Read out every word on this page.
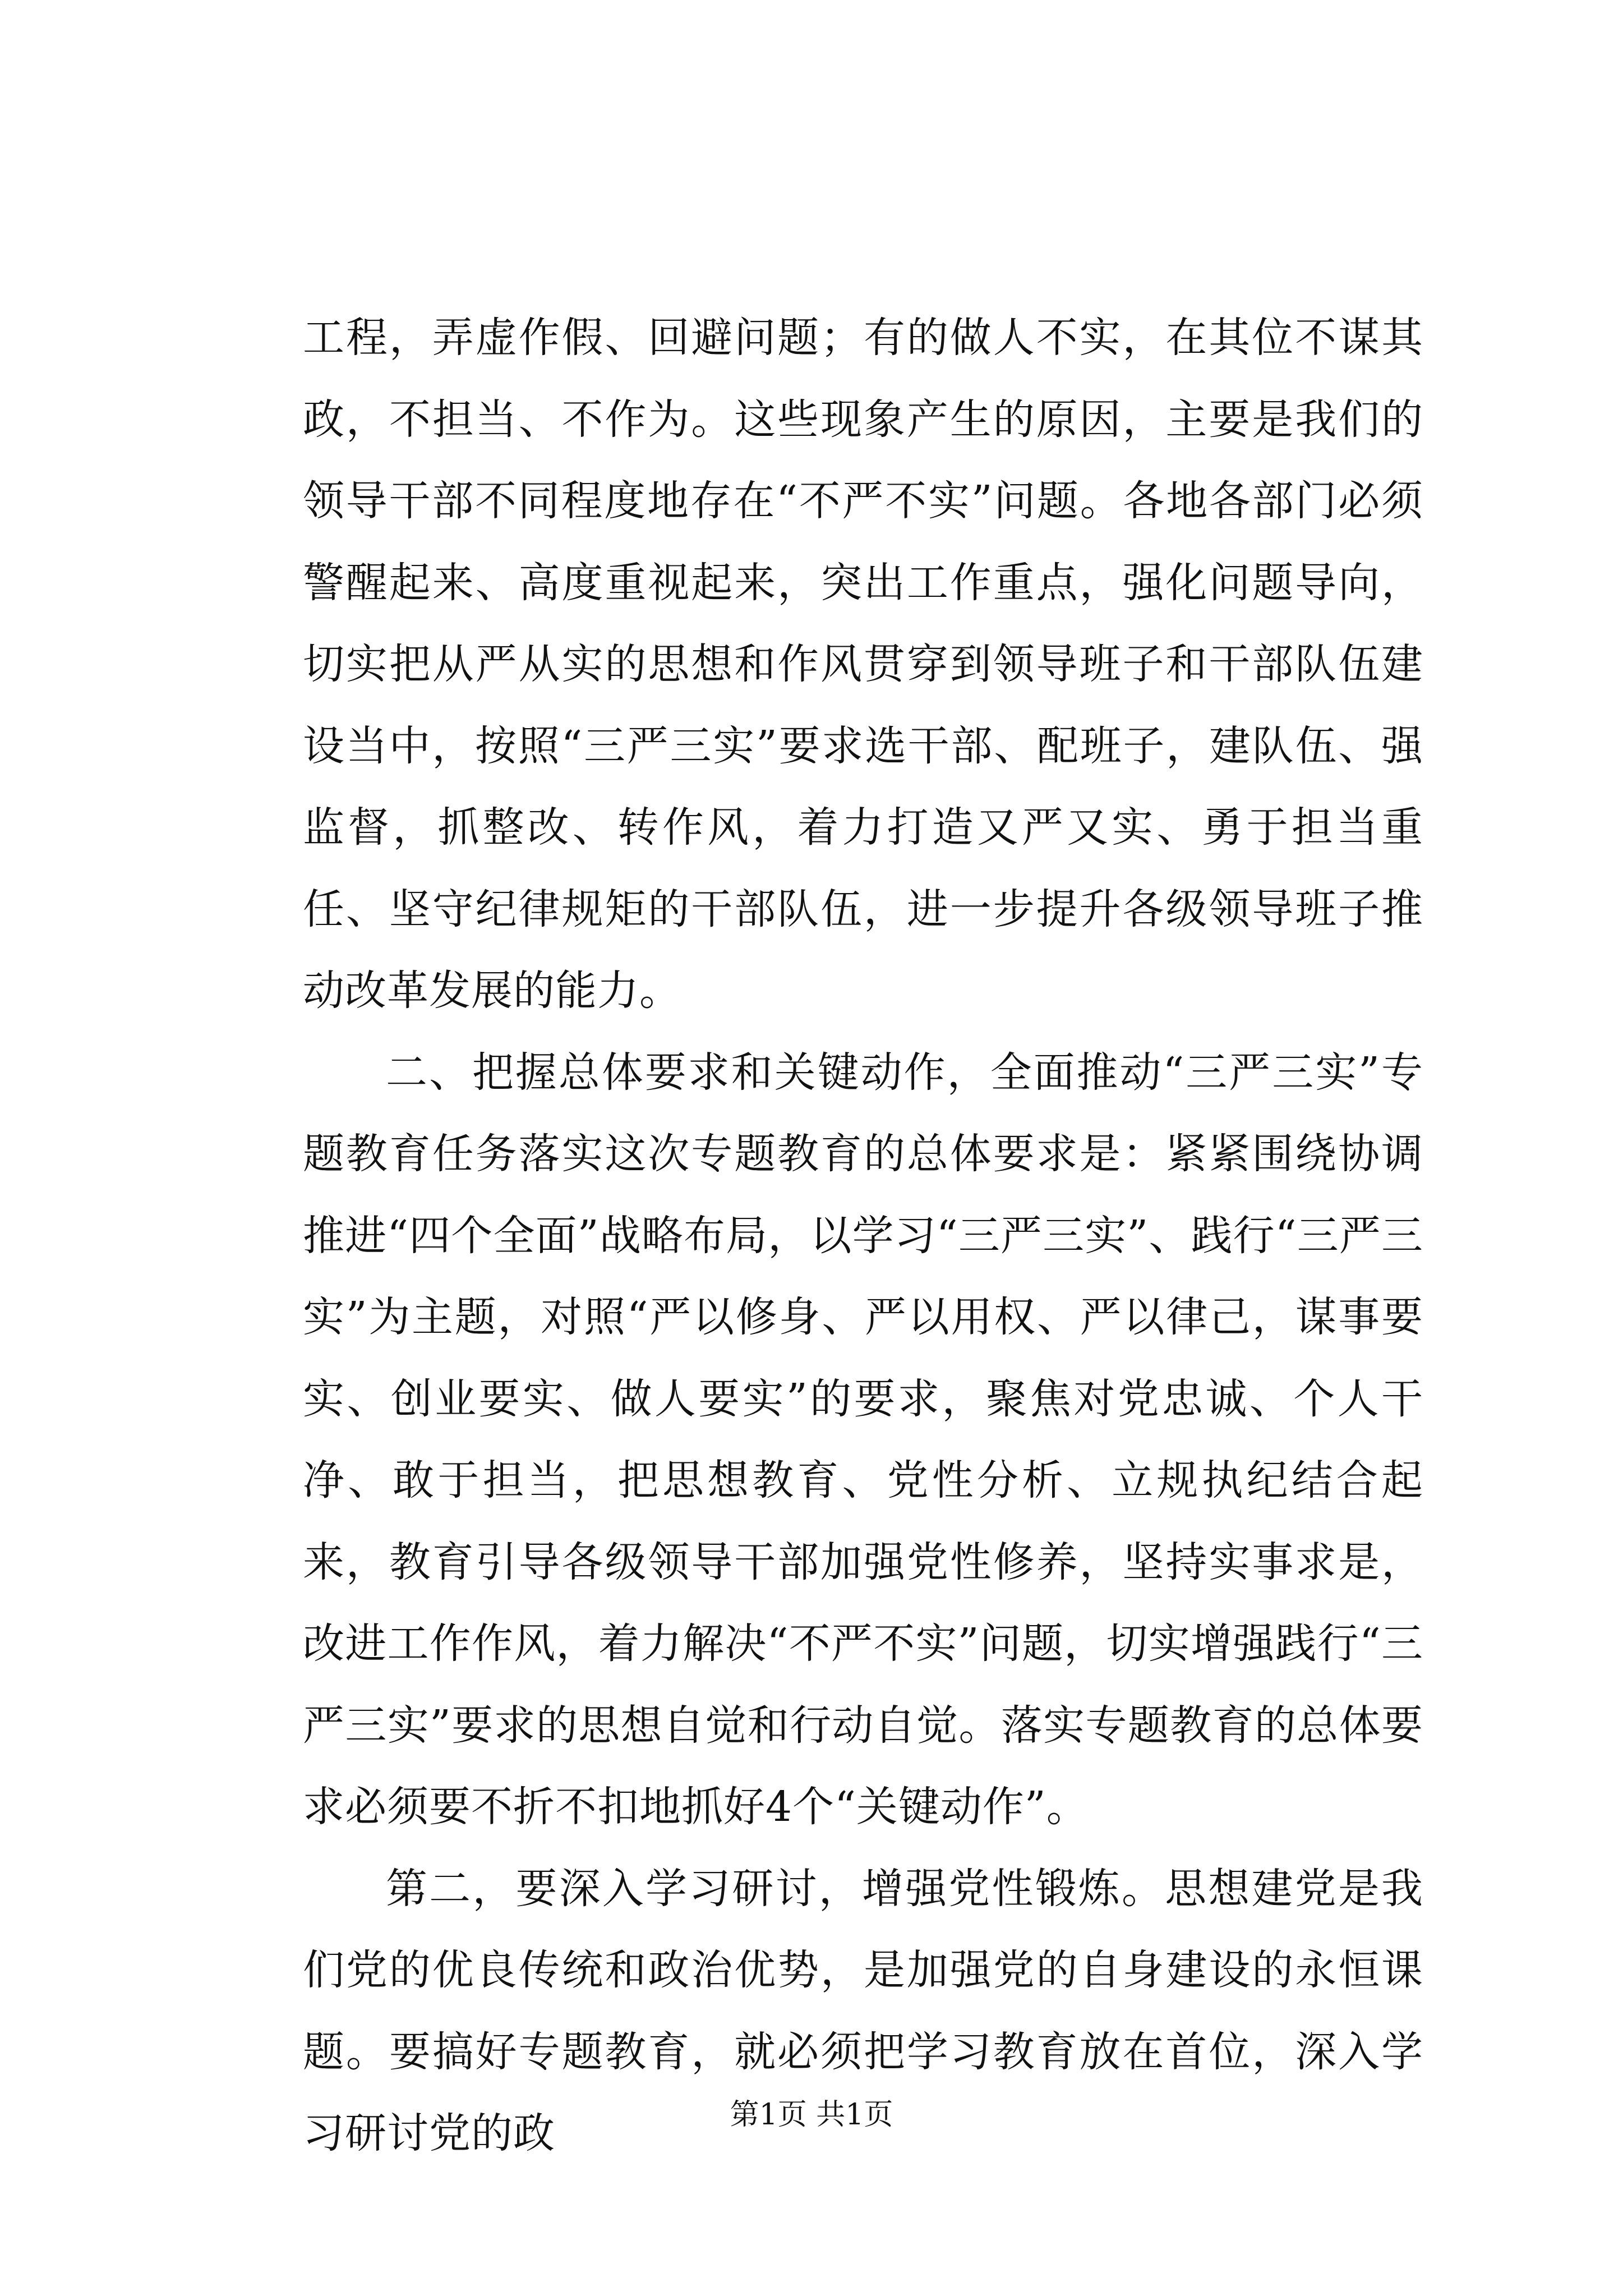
工程，弄虚作假、回避问题；有的做人不实，在其位不谋其政，不担当、不作为。这些现象产生的原因，主要是我们的领导干部不同程度地存在“不严不实”问题。各地各部门必须警醒起来、高度重视起来，突出工作重点，强化问题导向，切实把从严从实的思想和作风贯穿到领导班子和干部队伍建设当中，按照“三严三实”要求选干部、配班子，建队伍、强监督，抓整改、转作风，着力打造又严又实、勇于担当重任、坚守纪律规矩的干部队伍，进一步提升各级领导班子推动改革发展的能力。

二、把握总体要求和关键动作，全面推动“三严三实”专题教育任务落实这次专题教育的总体要求是：紧紧围绕协调推进“四个全面”战略布局，以学习“三严三实”、践行“三严三实”为主题，对照“严以修身、严以用权、严以律己，谋事要实、创业要实、做人要实”的要求，聚焦对党忠诚、个人干净、敢于担当，把思想教育、党性分析、立规执纪结合起来，教育引导各级领导干部加强党性修养，坚持实事求是，改进工作作风，着力解决“不严不实”问题，切实增强践行“三严三实”要求的思想自觉和行动自觉。落实专题教育的总体要求必须要不折不扣地抓好4个“关键动作”。

第二，要深入学习研讨，增强党性锻炼。思想建党是我们党的优良传统和政治优势，是加强党的自身建设的永恒课题。要搞好专题教育，就必须把学习教育放在首位，深入学习研讨党的政	第1页 共1页
